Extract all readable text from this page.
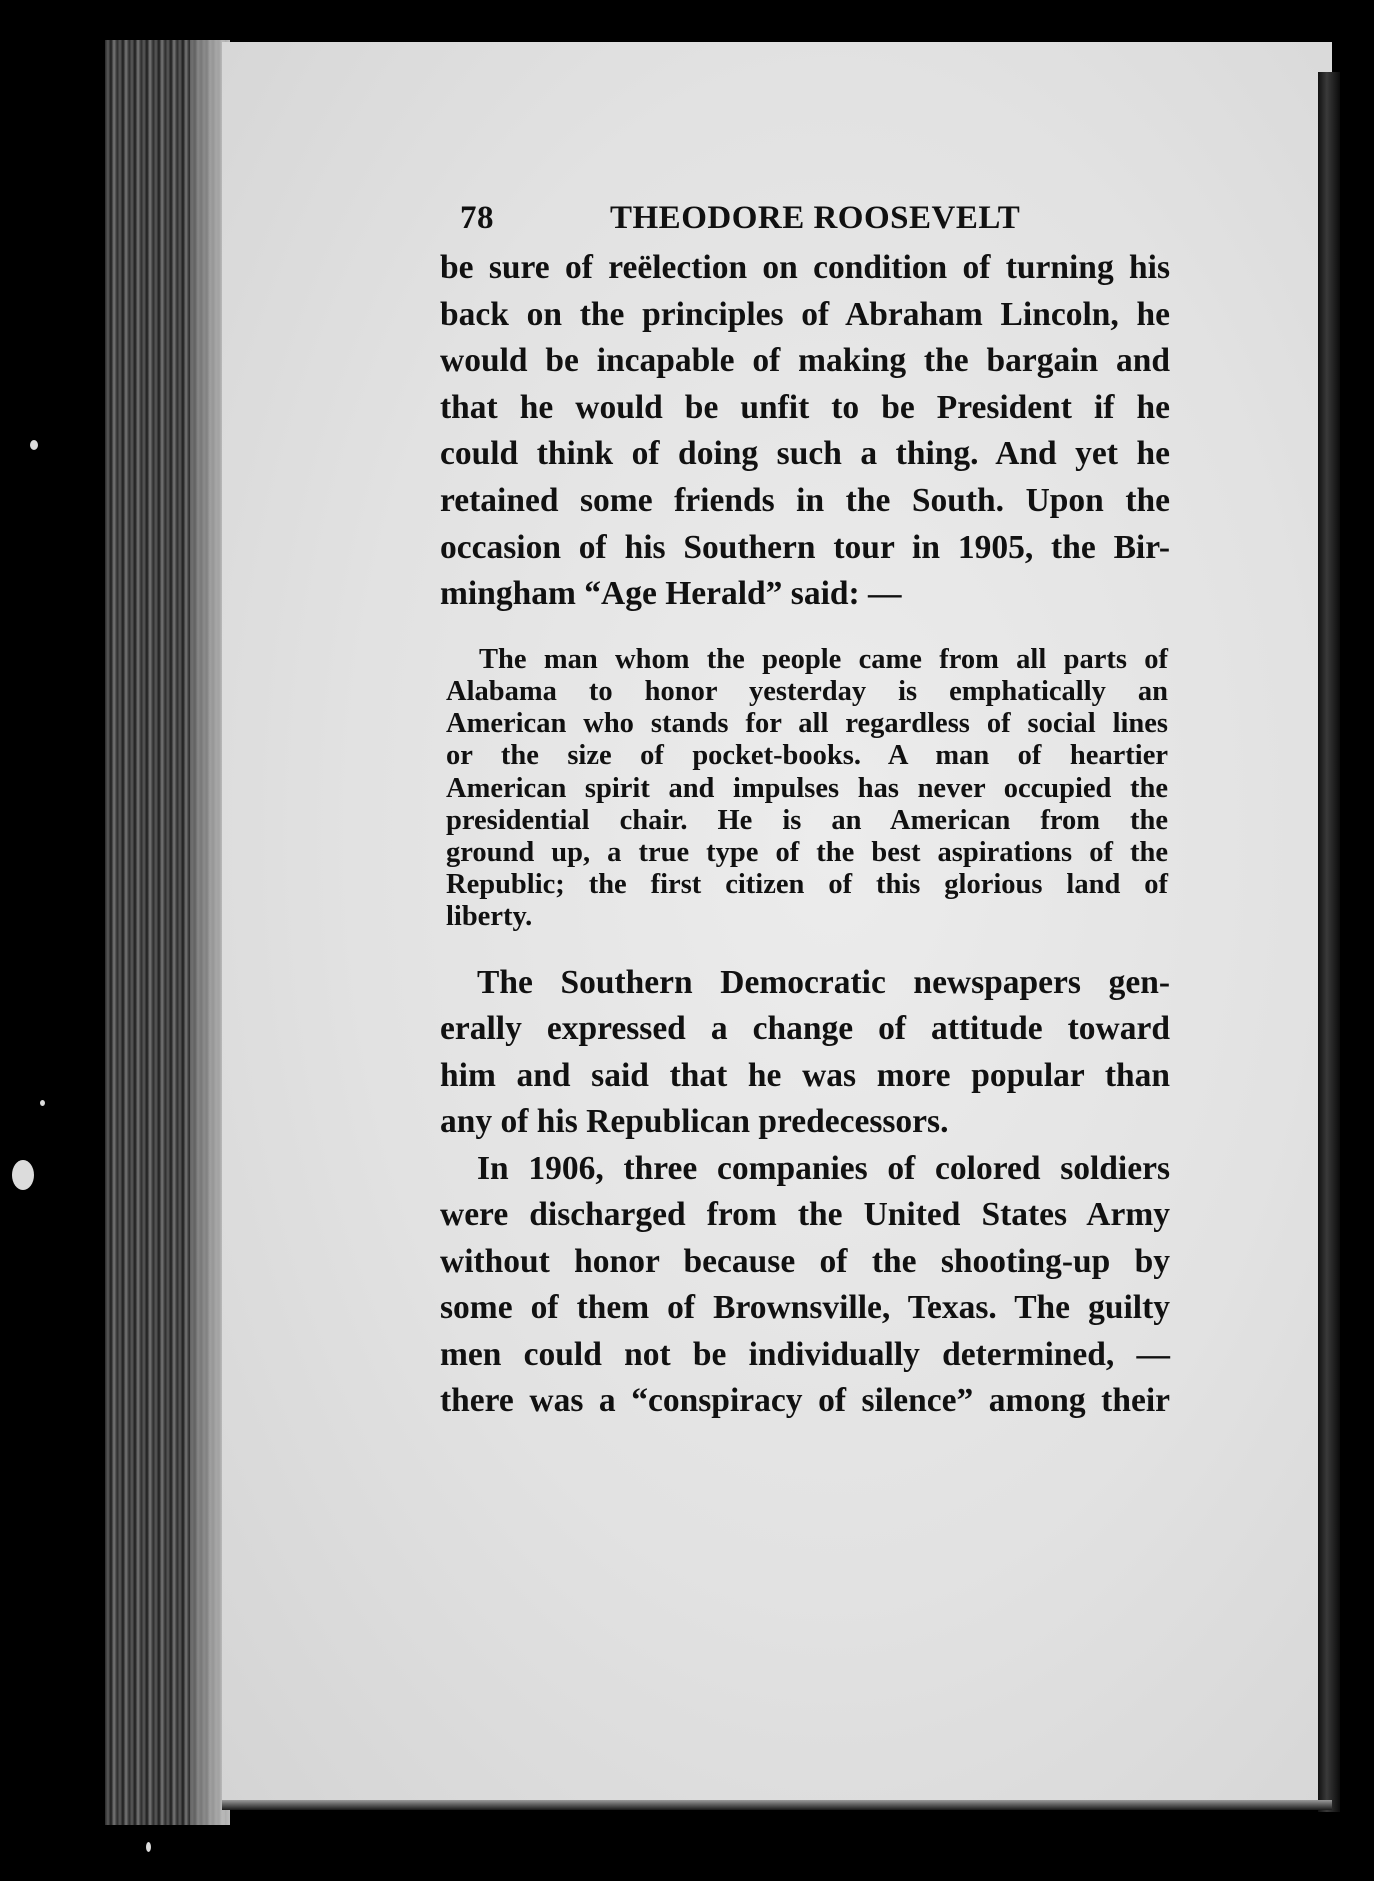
78	THEODORE ROOSEVELT
be sure of reëlection on condition of turning his
back on the principles of Abraham Lincoln, he
would be incapable of making the bargain and
that he would be unfit to be President if he
could think of doing such a thing. And yet he
retained some friends in the South. Upon the
occasion of his Southern tour in 1905, the Bir-
mingham “Age Herald” said: —
The man whom the people came from all parts of
Alabama to honor yesterday is emphatically an
American who stands for all regardless of social lines
or the size of pocket-books. A man of heartier
American spirit and impulses has never occupied the
presidential chair. He is an American from the
ground up, a true type of the best aspirations of the
Republic; the first citizen of this glorious land of
liberty.
The Southern Democratic newspapers gen-
erally expressed a change of attitude toward
him and said that he was more popular than
any of his Republican predecessors.
In 1906, three companies of colored soldiers
were discharged from the United States Army
without honor because of the shooting-up by
some of them of Brownsville, Texas. The guilty
men could not be individually determined, —
there was a “conspiracy of silence” among their
